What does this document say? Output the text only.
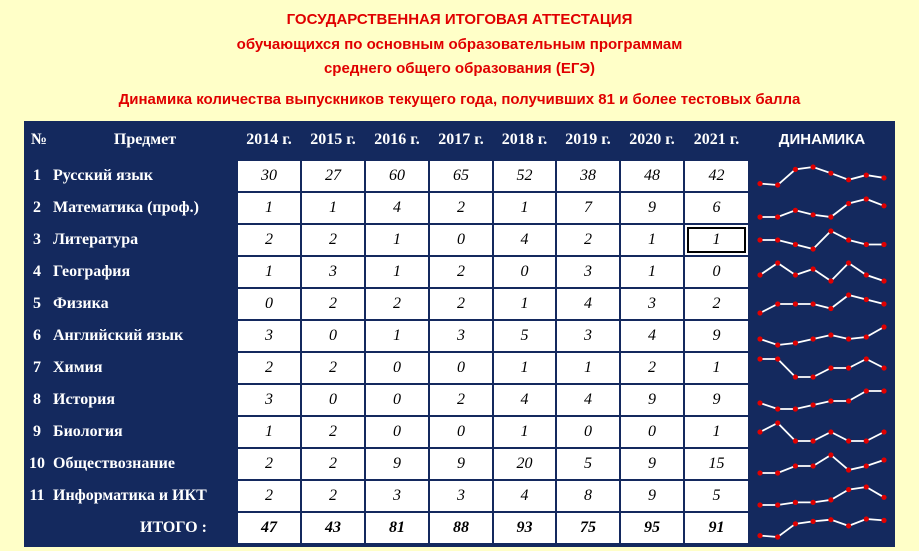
ГОСУДАРСТВЕННАЯ ИТОГОВАЯ АТТЕСТАЦИЯ
обучающихся по основным образовательным программам
среднего общего образования (ЕГЭ)
Динамика количества выпускников текущего года, получивших 81 и более тестовых балла
№	Предмет	2014 г.	2015 г.	2016 г.	2017 г.	2018 г.	2019 г.	2020 г.	2021 г.	ДИНАМИКА
1 Русский язык	30	27	60	65	52	38	48	42
2 Математика (проф.)	1	1	4	2	1	7	9	6
3 Литература	2	2	1	0	4	2	1	1
4 География	1	3	1	2	0	3	1	0
5 Физика	0	2	2	2	1	4	3	2
6 Английский язык	3	0	1	3	5	3	4	9
7 Химия	2	2	0	0	1	1	2	1
8 История	3	0	0	2	4	4	9	9
9 Биология	1	2	0	0	1	0	0	1
10 Обществознание	2	2	9	9	20	5	9	15
11 Информатика и ИКТ	2	2	3	3	4	8	9	5
ИТОГО :	47	43	81	88	93	75	95	91
